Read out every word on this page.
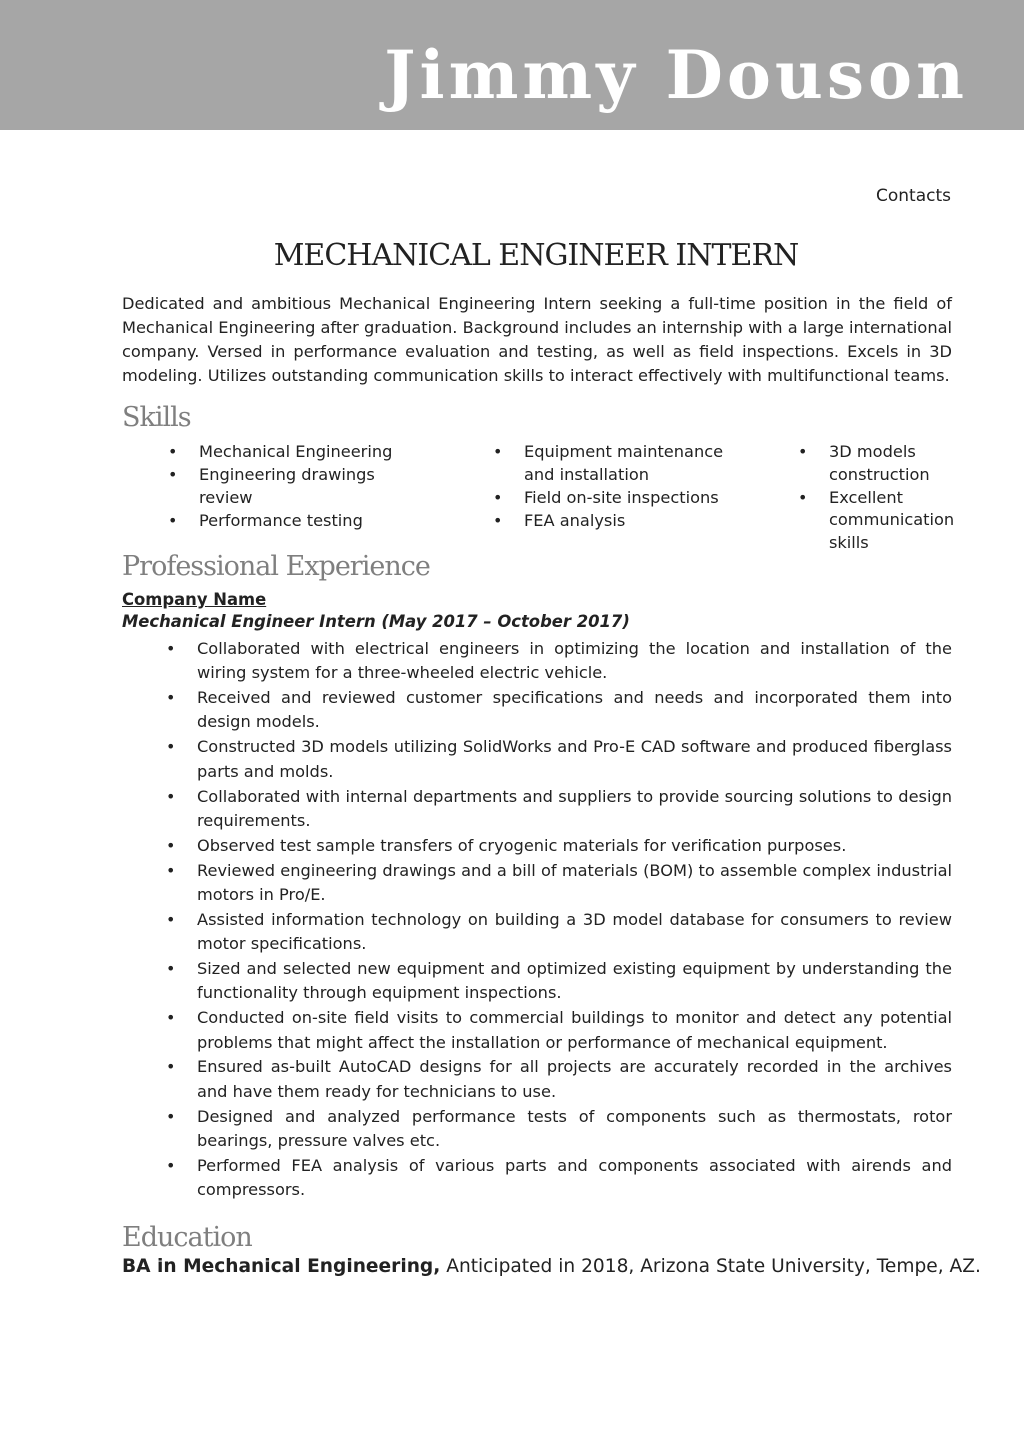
Jimmy Douson
Contacts
MECHANICAL ENGINEER INTERN

Dedicated and ambitious Mechanical Engineering Intern seeking a full-time position in the field of Mechanical Engineering after graduation. Background includes an internship with a large international company. Versed in performance evaluation and testing, as well as field inspections. Excels in 3D modeling. Utilizes outstanding communication skills to interact effectively with multifunctional teams.

Skills
• Mechanical Engineering
• Engineering drawings review
• Performance testing
• Equipment maintenance and installation
• Field on-site inspections
• FEA analysis
• 3D models construction
• Excellent communication skills
Professional Experience
Company Name
Mechanical Engineer Intern (May 2017 – October 2017)
• Collaborated with electrical engineers in optimizing the location and installation of the wiring system for a three-wheeled electric vehicle.
• Received and reviewed customer specifications and needs and incorporated them into design models.
• Constructed 3D models utilizing SolidWorks and Pro-E CAD software and produced fiberglass parts and molds.
• Collaborated with internal departments and suppliers to provide sourcing solutions to design requirements.
• Observed test sample transfers of cryogenic materials for verification purposes.
• Reviewed engineering drawings and a bill of materials (BOM) to assemble complex industrial motors in Pro/E.
• Assisted information technology on building a 3D model database for consumers to review motor specifications.
• Sized and selected new equipment and optimized existing equipment by understanding the functionality through equipment inspections.
• Conducted on-site field visits to commercial buildings to monitor and detect any potential problems that might affect the installation or performance of mechanical equipment.
• Ensured as-built AutoCAD designs for all projects are accurately recorded in the archives and have them ready for technicians to use.
• Designed and analyzed performance tests of components such as thermostats, rotor bearings, pressure valves etc.
• Performed FEA analysis of various parts and components associated with airends and compressors.
Education
BA in Mechanical Engineering, Anticipated in 2018, Arizona State University, Tempe, AZ.
